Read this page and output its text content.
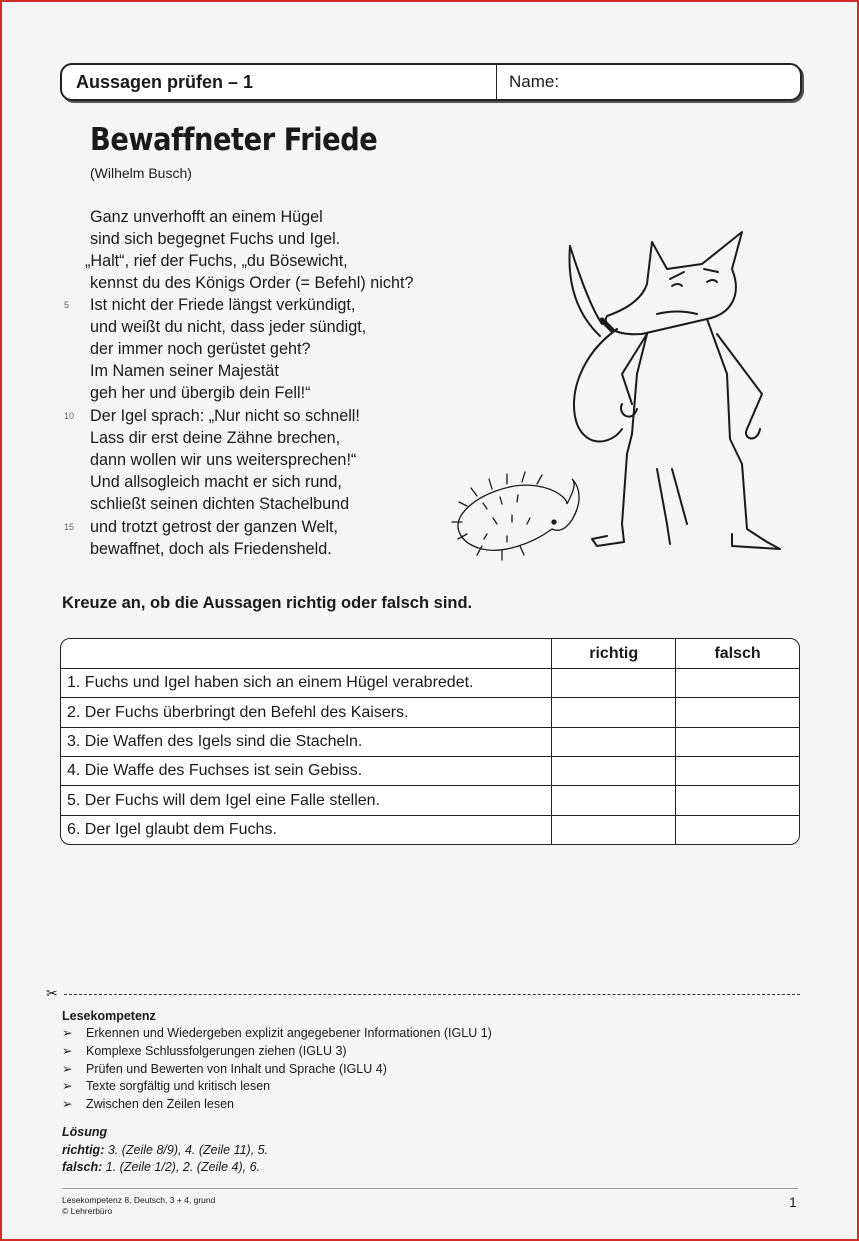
Aussagen prüfen – 1	Name:
Bewaffneter Friede
(Wilhelm Busch)
Ganz unverhofft an einem Hügel
sind sich begegnet Fuchs und Igel.
„Halt“, rief der Fuchs, „du Bösewicht,
kennst du des Königs Order (= Befehl) nicht?
5 Ist nicht der Friede längst verkündigt,
und weißt du nicht, dass jeder sündigt,
der immer noch gerüstet geht?
Im Namen seiner Majestät
geh her und übergib dein Fell!“
10 Der Igel sprach: „Nur nicht so schnell!
Lass dir erst deine Zähne brechen,
dann wollen wir uns weitersprechen!“
Und allsogleich macht er sich rund,
schließt seinen dichten Stachelbund
15 und trotzt getrost der ganzen Welt,
bewaffnet, doch als Friedensheld.
Kreuze an, ob die Aussagen richtig oder falsch sind.
	richtig	falsch
1. Fuchs und Igel haben sich an einem Hügel verabredet.		
2. Der Fuchs überbringt den Befehl des Kaisers.		
3. Die Waffen des Igels sind die Stacheln.		
4. Die Waffe des Fuchses ist sein Gebiss.		
5. Der Fuchs will dem Igel eine Falle stellen.		
6. Der Igel glaubt dem Fuchs.		
✂
Lesekompetenz
➢	Erkennen und Wiedergeben explizit angegebener Informationen (IGLU 1)
➢	Komplexe Schlussfolgerungen ziehen (IGLU 3)
➢	Prüfen und Bewerten von Inhalt und Sprache (IGLU 4)
➢	Texte sorgfältig und kritisch lesen
➢	Zwischen den Zeilen lesen
Lösung
richtig: 3. (Zeile 8/9), 4. (Zeile 11), 5.
falsch: 1. (Zeile 1/2), 2. (Zeile 4), 6.
Lesekompetenz 8, Deutsch, 3 + 4, grund
© Lehrerbüro
1
